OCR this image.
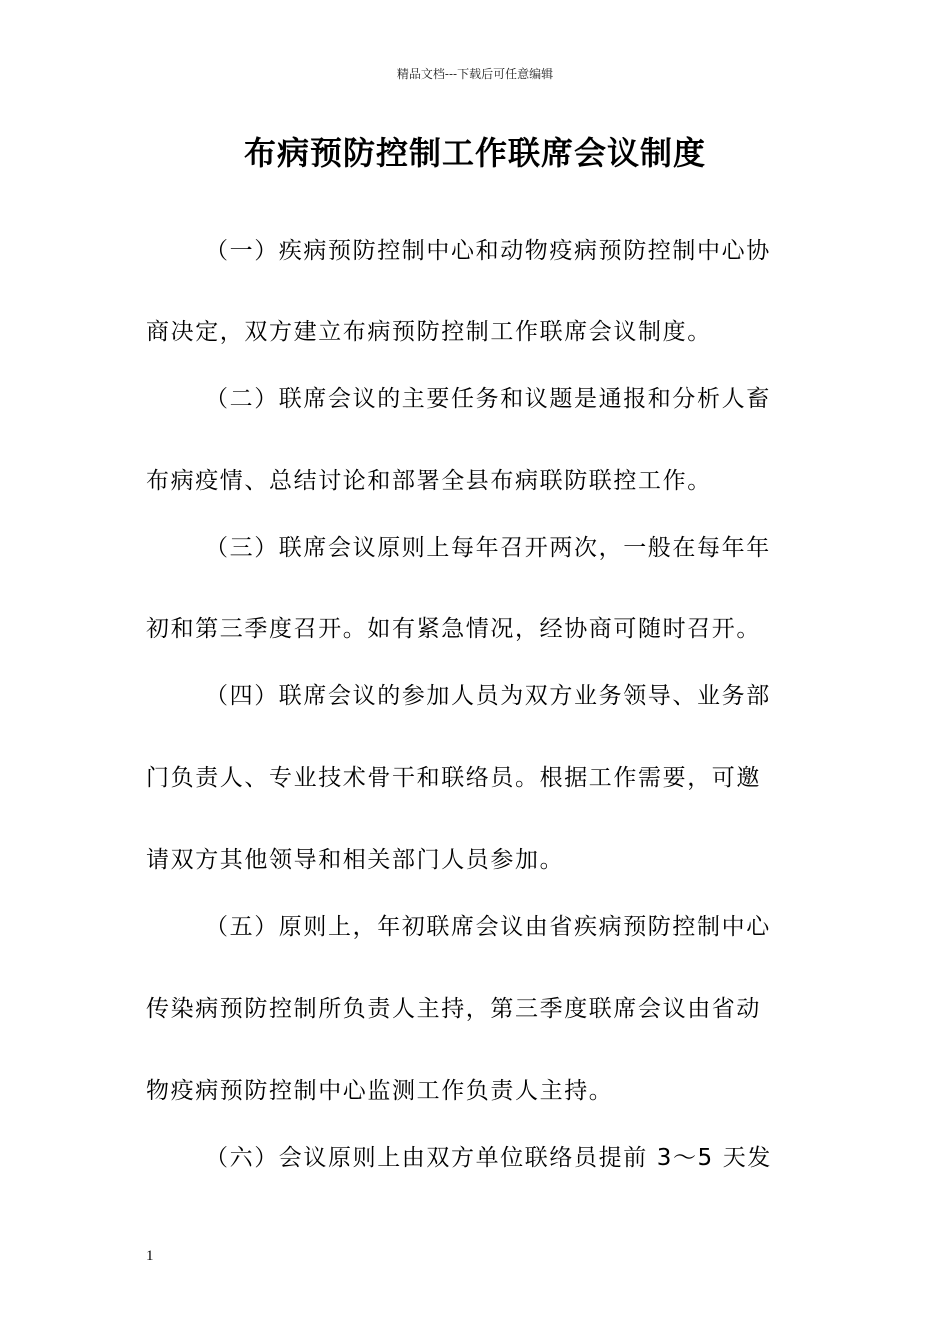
精品文档---下载后可任意编辑
布病预防控制工作联席会议制度
（一）疾病预防控制中心和动物疫病预防控制中心协
商决定，双方建立布病预防控制工作联席会议制度。
（二）联席会议的主要任务和议题是通报和分析人畜
布病疫情、总结讨论和部署全县布病联防联控工作。
（三）联席会议原则上每年召开两次，一般在每年年
初和第三季度召开。如有紧急情况，经协商可随时召开。
（四）联席会议的参加人员为双方业务领导、业务部
门负责人、专业技术骨干和联络员。根据工作需要，可邀
请双方其他领导和相关部门人员参加。
（五）原则上，年初联席会议由省疾病预防控制中心
传染病预防控制所负责人主持，第三季度联席会议由省动
物疫病预防控制中心监测工作负责人主持。
（六）会议原则上由双方单位联络员提前 3～5 天发
1
